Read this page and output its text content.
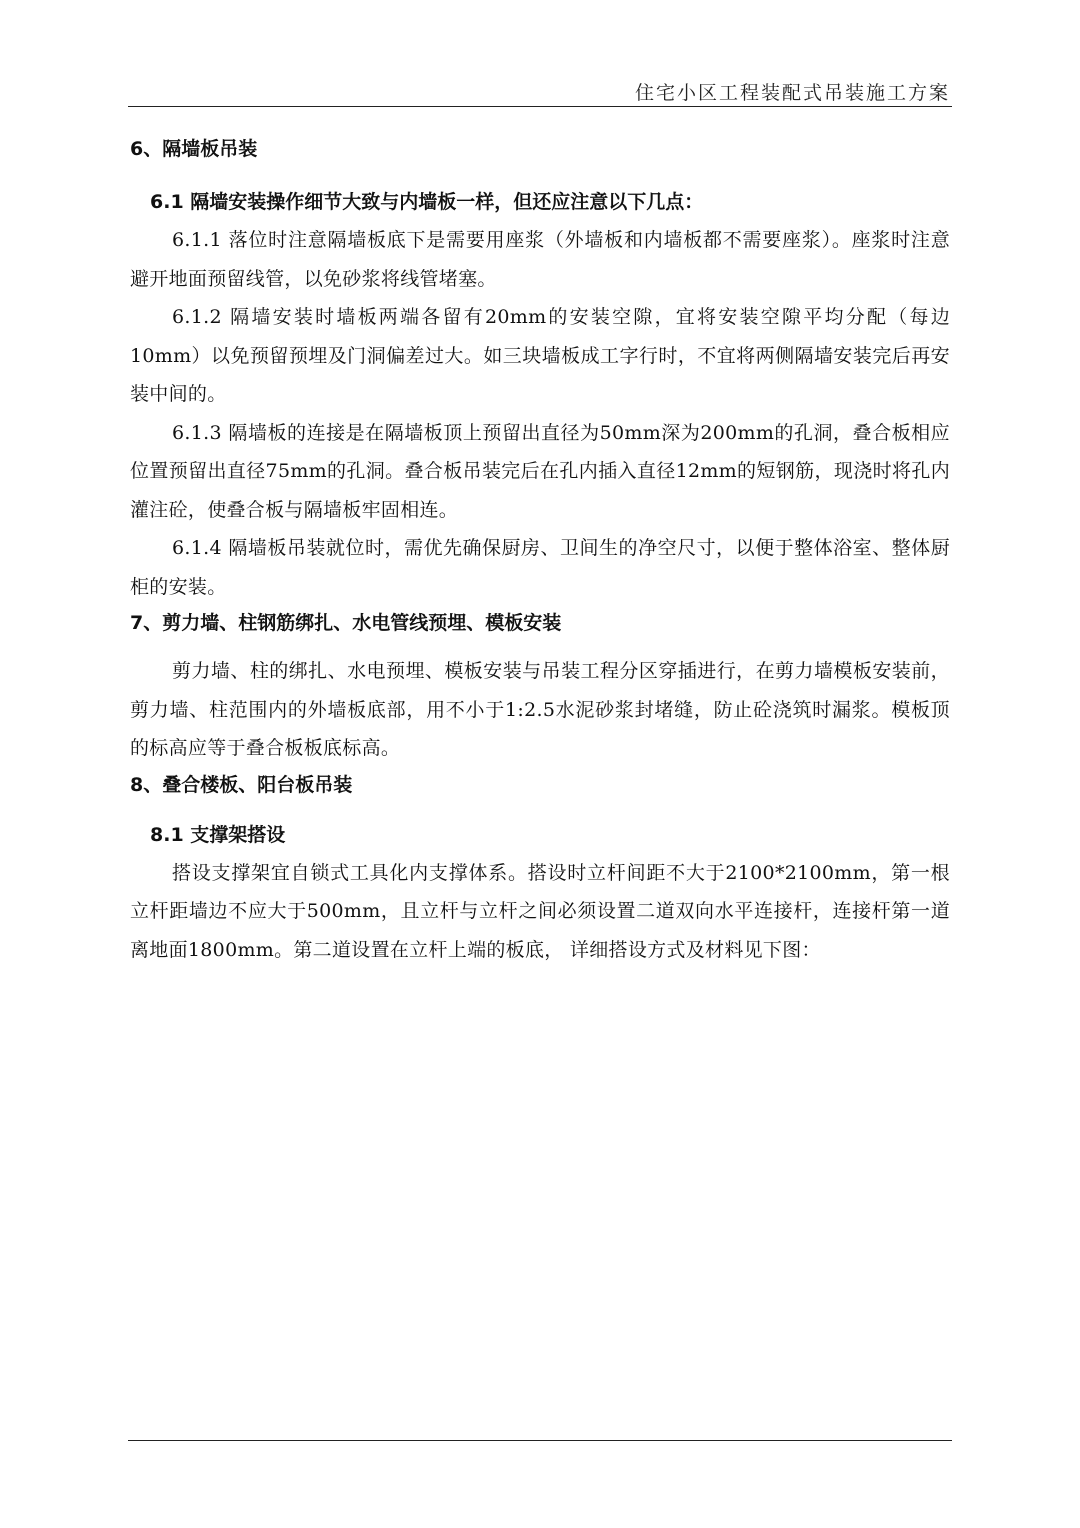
住宅小区工程装配式吊装施工方案
6、隔墙板吊装
6.1 隔墙安装操作细节大致与内墙板一样，但还应注意以下几点：

6.1.1 落位时注意隔墙板底下是需要用座浆（外墙板和内墙板都不需要座浆）。座浆时注意避开地面预留线管，以免砂浆将线管堵塞。

6.1.2 隔墙安装时墙板两端各留有20mm的安装空隙，宜将安装空隙平均分配（每边10mm）以免预留预埋及门洞偏差过大。如三块墙板成工字行时，不宜将两侧隔墙安装完后再安装中间的。

6.1.3 隔墙板的连接是在隔墙板顶上预留出直径为50mm深为200mm的孔洞，叠合板相应位置预留出直径75mm的孔洞。叠合板吊装完后在孔内插入直径12mm的短钢筋，现浇时将孔内灌注砼，使叠合板与隔墙板牢固相连。

6.1.4 隔墙板吊装就位时，需优先确保厨房、卫间生的净空尺寸，以便于整体浴室、整体厨柜的安装。

7、剪力墙、柱钢筋绑扎、水电管线预埋、模板安装

剪力墙、柱的绑扎、水电预埋、模板安装与吊装工程分区穿插进行，在剪力墙模板安装前，剪力墙、柱范围内的外墙板底部，用不小于1:2.5水泥砂浆封堵缝，防止砼浇筑时漏浆。模板顶的标高应等于叠合板板底标高。

8、叠合楼板、阳台板吊装
8.1 支撑架搭设

搭设支撑架宜自锁式工具化内支撑体系。搭设时立杆间距不大于2100*2100mm，第一根立杆距墙边不应大于500mm，且立杆与立杆之间必须设置二道双向水平连接杆，连接杆第一道离地面1800mm。第二道设置在立杆上端的板底， 详细搭设方式及材料见下图：
